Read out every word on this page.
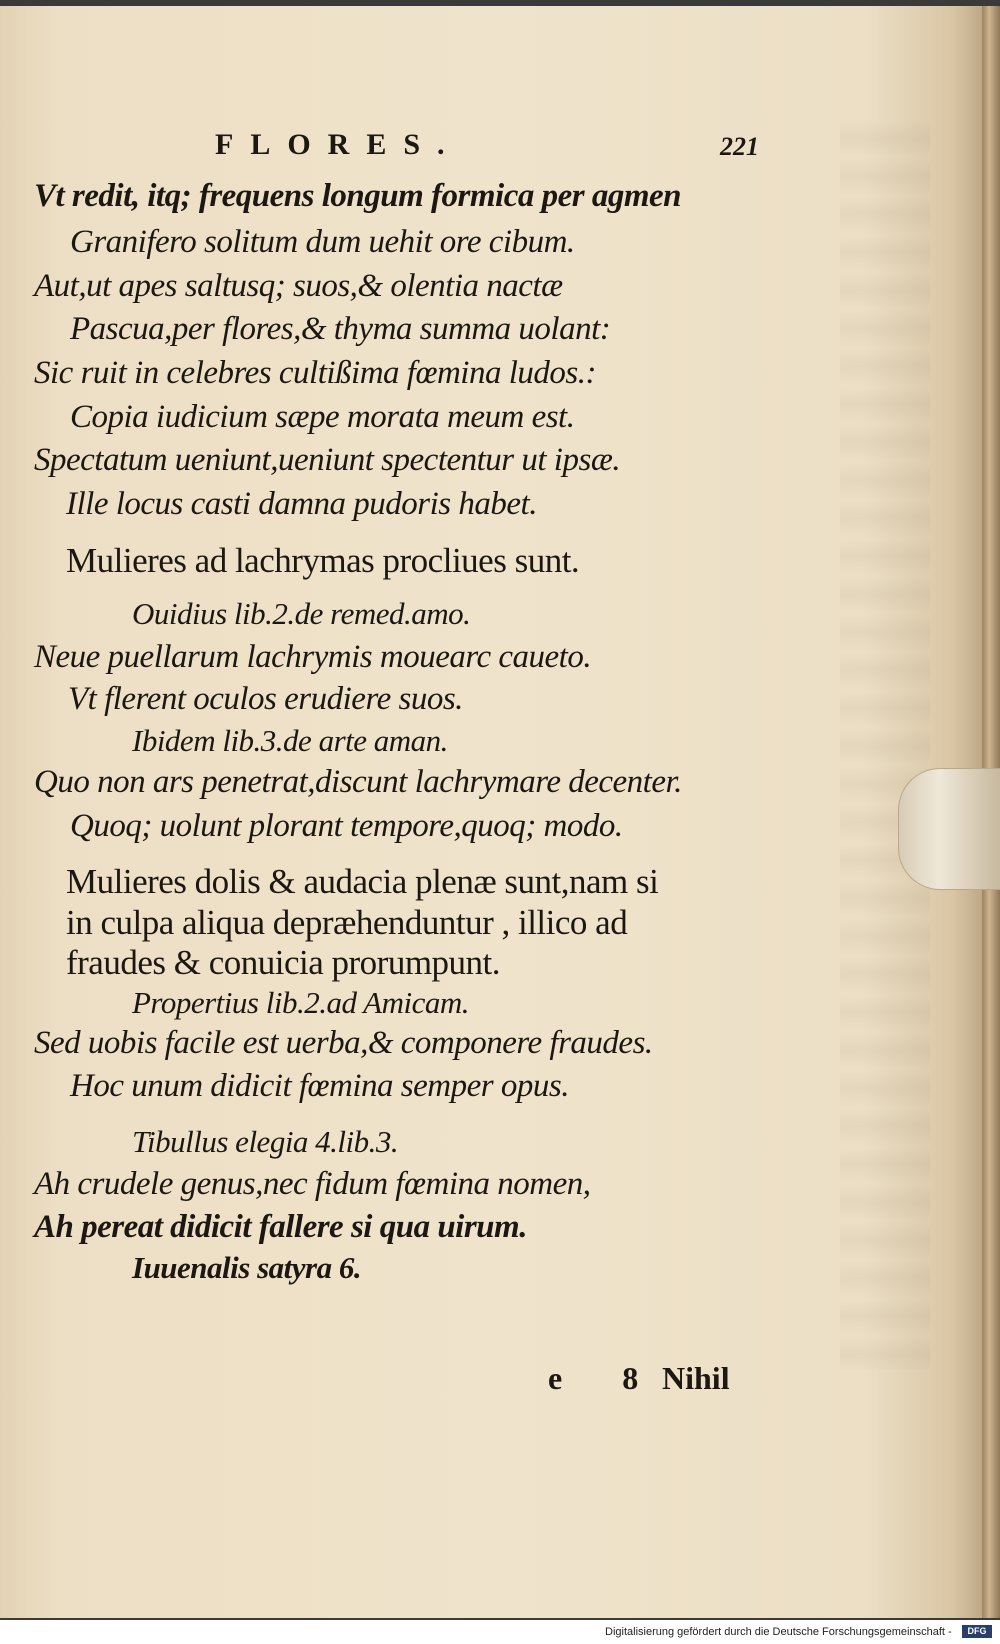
FLORES.	221
Vt redit, itq; frequens longum formica per agmen
Granifero solitum dum uehit ore cibum.
Aut,ut apes saltusq; suos,& olentia nactæ
Pascua,per flores,& thyma summa uolant:
Sic ruit in celebres cultißima fœmina ludos.:
Copia iudicium sæpe morata meum est.
Spectatum ueniunt,ueniunt spectentur ut ipsæ.
Ille locus casti damna pudoris habet.
Mulieres ad lachrymas procliues sunt.
Ouidius lib.2.de remed.amo.
Neue puellarum lachrymis mouearc caueto.
Vt flerent oculos erudiere suos.
Ibidem lib.3.de arte aman.
Quo non ars penetrat,discunt lachrymare decenter.
Quoq; uolunt plorant tempore,quoq; modo.
Mulieres dolis & audacia plenæ sunt,nam si
in culpa aliqua depræhenduntur , illico ad
fraudes & conuicia prorumpunt.
Propertius lib.2.ad Amicam.
Sed uobis facile est uerba,& componere fraudes.
Hoc unum didicit fœmina semper opus.
Tibullus elegia 4.lib.3.
Ah crudele genus,nec fidum fœmina nomen,
Ah pereat didicit fallere si qua uirum.
Iuuenalis satyra 6.
e 8
Nihil
Digitalisierung gefördert durch die Deutsche Forschungsgemeinschaft -	DFG
